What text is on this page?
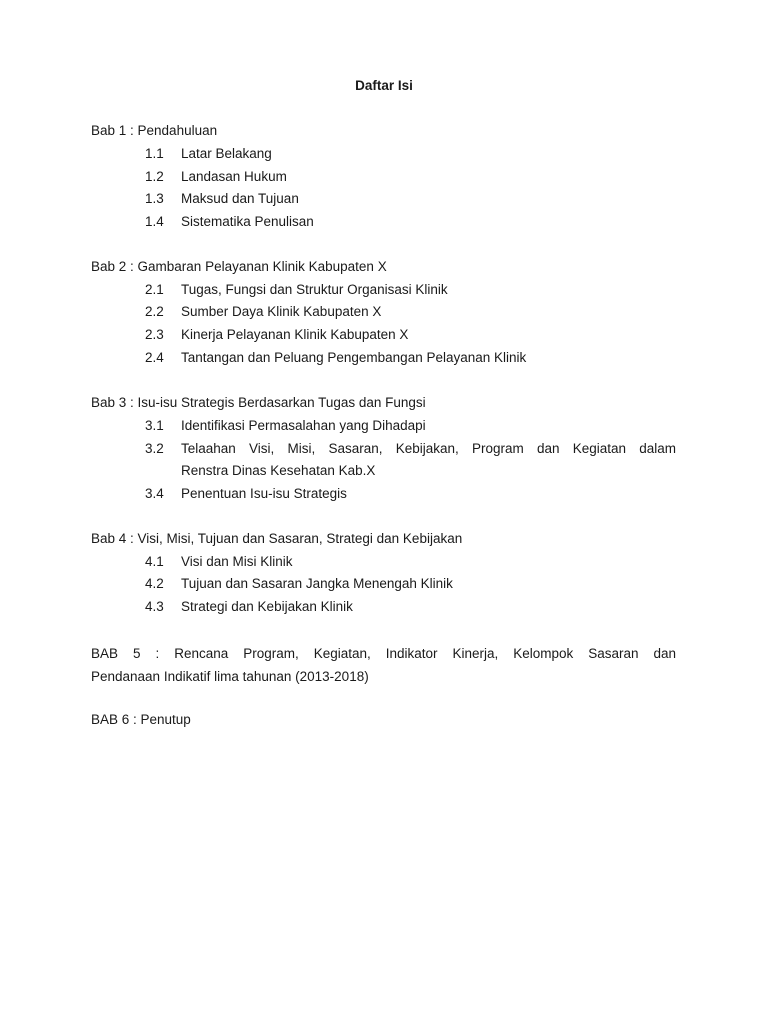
Daftar Isi
Bab 1 : Pendahuluan
1.1 Latar Belakang
1.2 Landasan Hukum
1.3 Maksud dan Tujuan
1.4 Sistematika Penulisan
Bab 2 : Gambaran Pelayanan Klinik Kabupaten X
2.1 Tugas, Fungsi dan Struktur Organisasi Klinik
2.2 Sumber Daya Klinik Kabupaten X
2.3 Kinerja Pelayanan Klinik Kabupaten X
2.4 Tantangan dan Peluang Pengembangan Pelayanan Klinik
Bab 3 : Isu-isu Strategis Berdasarkan Tugas dan Fungsi
3.1 Identifikasi Permasalahan yang Dihadapi
3.2 Telaahan Visi, Misi, Sasaran, Kebijakan, Program dan Kegiatan dalam
Renstra Dinas Kesehatan Kab.X
3.4 Penentuan Isu-isu Strategis
Bab 4 : Visi, Misi, Tujuan dan Sasaran, Strategi dan Kebijakan
4.1 Visi dan Misi Klinik
4.2 Tujuan dan Sasaran Jangka Menengah Klinik
4.3 Strategi dan Kebijakan Klinik
BAB 5 : Rencana Program, Kegiatan, Indikator Kinerja, Kelompok Sasaran dan
Pendanaan Indikatif lima tahunan (2013-2018)
BAB 6 : Penutup
